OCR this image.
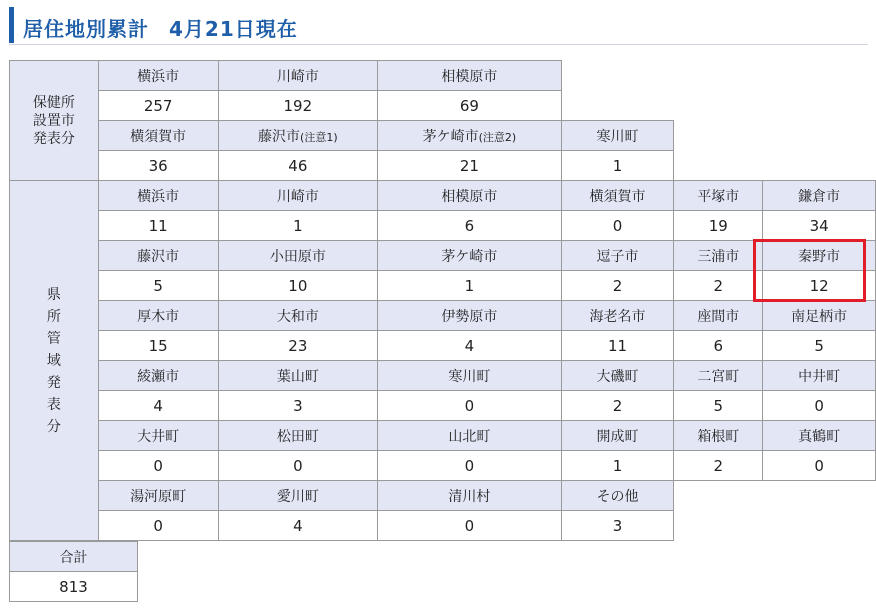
居住地別累計 4月21日現在
保健所
設置市
発表分	横浜市	川崎市	相模原市			
	257	192	69			
	横須賀市	藤沢市(注意1)	茅ケ崎市(注意2)	寒川町		
	36	46	21	1		
県所管域発表分	横浜市	川崎市	相模原市	横須賀市	平塚市	鎌倉市
	11	1	6	0	19	34
	藤沢市	小田原市	茅ケ崎市	逗子市	三浦市	秦野市
	5	10	1	2	2	12
	厚木市	大和市	伊勢原市	海老名市	座間市	南足柄市
	15	23	4	11	6	5
	綾瀬市	葉山町	寒川町	大磯町	二宮町	中井町
	4	3	0	2	5	0
	大井町	松田町	山北町	開成町	箱根町	真鶴町
	0	0	0	1	2	0
	湯河原町	愛川町	清川村	その他		
	0	4	0	3		
合計
813
